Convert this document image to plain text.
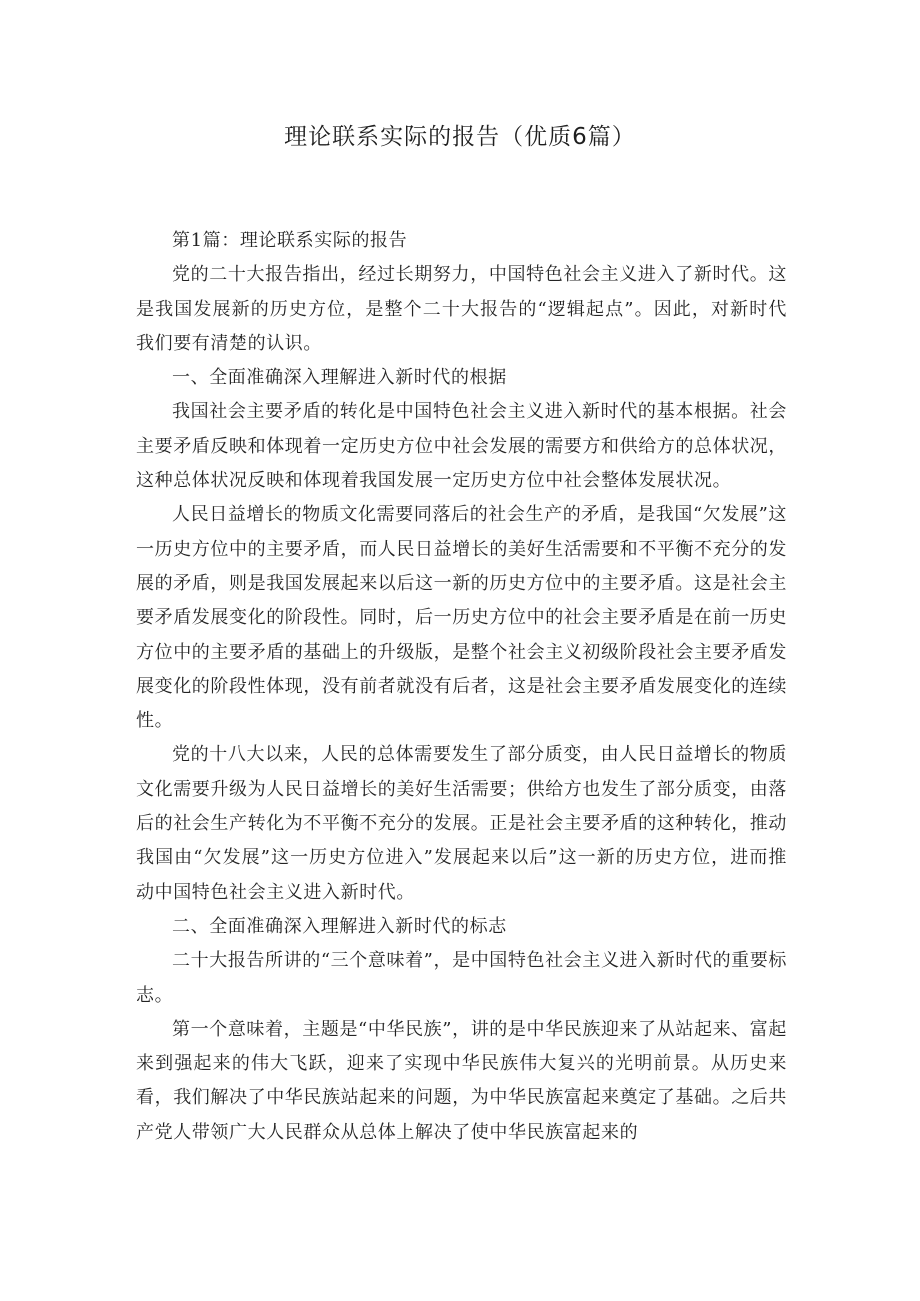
理论联系实际的报告（优质6篇）

第1篇：理论联系实际的报告

党的二十大报告指出，经过长期努力，中国特色社会主义进入了新时代。这是我国发展新的历史方位，是整个二十大报告的“逻辑起点”。因此，对新时代我们要有清楚的认识。

一、全面准确深入理解进入新时代的根据

我国社会主要矛盾的转化是中国特色社会主义进入新时代的基本根据。社会主要矛盾反映和体现着一定历史方位中社会发展的需要方和供给方的总体状况，这种总体状况反映和体现着我国发展一定历史方位中社会整体发展状况。

人民日益增长的物质文化需要同落后的社会生产的矛盾，是我国“欠发展”这一历史方位中的主要矛盾，而人民日益增长的美好生活需要和不平衡不充分的发展的矛盾，则是我国发展起来以后这一新的历史方位中的主要矛盾。这是社会主要矛盾发展变化的阶段性。同时，后一历史方位中的社会主要矛盾是在前一历史方位中的主要矛盾的基础上的升级版，是整个社会主义初级阶段社会主要矛盾发展变化的阶段性体现，没有前者就没有后者，这是社会主要矛盾发展变化的连续性。

党的十八大以来，人民的总体需要发生了部分质变，由人民日益增长的物质文化需要升级为人民日益增长的美好生活需要；供给方也发生了部分质变，由落后的社会生产转化为不平衡不充分的发展。正是社会主要矛盾的这种转化，推动我国由“欠发展”这一历史方位进入”发展起来以后”这一新的历史方位，进而推动中国特色社会主义进入新时代。

二、全面准确深入理解进入新时代的标志

二十大报告所讲的“三个意味着”，是中国特色社会主义进入新时代的重要标志。

第一个意味着，主题是“中华民族”，讲的是中华民族迎来了从站起来、富起来到强起来的伟大飞跃，迎来了实现中华民族伟大复兴的光明前景。从历史来看，我们解决了中华民族站起来的问题，为中华民族富起来奠定了基础。之后共产党人带领广大人民群众从总体上解决了使中华民族富起来的
